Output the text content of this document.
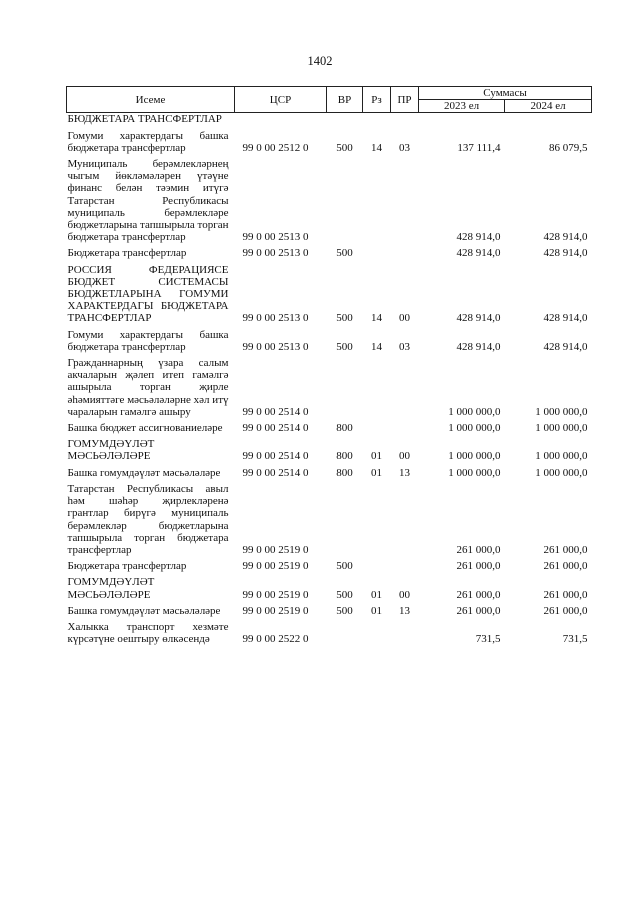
1402
Исеме	ЦСР	ВР	Рз	ПР	Суммасы	
					2023 ел	2024 ел
БЮДЖЕТАРА ТРАНСФЕРТЛАР						

Гомуми характердагы башка бюджетара трансфертлар	99 0 00 2512 0	500	14	03	137 111,4	86 079,5

Муниципаль берәмлекләрнең чыгым йөкләмәләрен үтәүне финанс белән тәэмин итүгә Татарстан Республикасы муниципаль берәмлекләре бюджетларына тапшырыла торган бюджетара трансфертлар	99 0 00 2513 0				428 914,0	428 914,0

Бюджетара трансфертлар	99 0 00 2513 0	500			428 914,0	428 914,0

РОССИЯ ФЕДЕРАЦИЯСЕ БЮДЖЕТ СИСТЕМАСЫ БЮДЖЕТЛАРЫНА ГОМУМИ ХАРАКТЕРДАГЫ БЮДЖЕТАРА ТРАНСФЕРТЛАР	99 0 00 2513 0	500	14	00	428 914,0	428 914,0

Гомуми характердагы башка бюджетара трансфертлар	99 0 00 2513 0	500	14	03	428 914,0	428 914,0

Гражданнарның үзара салым акчаларын җәлеп итеп гамәлгә ашырыла торган җирле әһәмияттәге мәсьәләләрне хәл итү чараларын гамәлгә ашыру	99 0 00 2514 0				1 000 000,0	1 000 000,0

Башка бюджет ассигнованиеләре	99 0 00 2514 0	800			1 000 000,0	1 000 000,0

ГОМУМДӘҮЛӘТ МӘСЬӘЛӘЛӘРЕ	99 0 00 2514 0	800	01	00	1 000 000,0	1 000 000,0

Башка гомумдәүләт мәсьәләләре	99 0 00 2514 0	800	01	13	1 000 000,0	1 000 000,0

Татарстан Республикасы авыл һәм шәһәр җирлекләренә грантлар бирүгә муниципаль берәмлекләр бюджетларына тапшырыла торган бюджетара трансфертлар	99 0 00 2519 0				261 000,0	261 000,0

Бюджетара трансфертлар	99 0 00 2519 0	500			261 000,0	261 000,0

ГОМУМДӘҮЛӘТ МӘСЬӘЛӘЛӘРЕ	99 0 00 2519 0	500	01	00	261 000,0	261 000,0

Башка гомумдәүләт мәсьәләләре	99 0 00 2519 0	500	01	13	261 000,0	261 000,0

Халыкка транспорт хезмәте күрсәтүне оештыру өлкәсендә	99 0 00 2522 0				731,5	731,5
